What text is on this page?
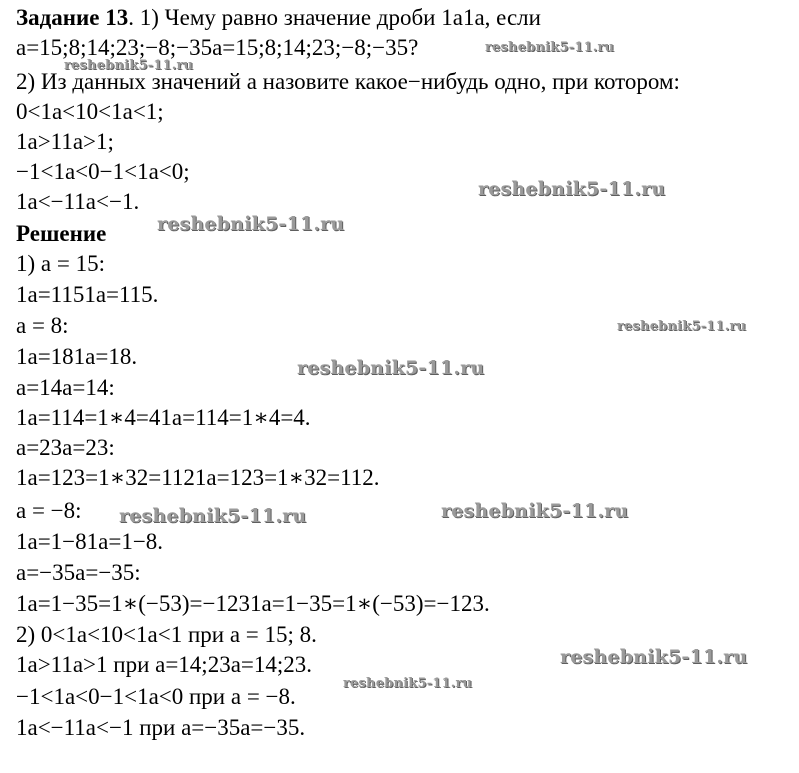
Задание 13. 1) Чему равно значение дроби 1a1a, если
a=15;8;14;23;−8;−35a=15;8;14;23;−8;−35?
2) Из данных значений a назовите какое−нибудь одно, при котором:
0<1a<10<1a<1;
1a>11a>1;
−1<1a<0−1<1a<0;
1a<−11a<−1.
Решение
1) a = 15:
1a=1151a=115.
a = 8:
1a=181a=18.
a=14a=14:
1a=114=1∗4=41a=114=1∗4=4.
a=23a=23:
1a=123=1∗32=1121a=123=1∗32=112.
a = −8:
1a=1−81a=1−8.
a=−35a=−35:
1a=1−35=1∗(−53)=−1231a=1−35=1∗(−53)=−123.
2) 0<1a<10<1a<1 при a = 15; 8.
1a>11a>1 при a=14;23a=14;23.
−1<1a<0−1<1a<0 при a = −8.
1a<−11a<−1 при a=−35a=−35.
reshebnik5-11.ru
reshebnik5-11.ru
reshebnik5-11.ru
reshebnik5-11.ru
reshebnik5-11.ru
reshebnik5-11.ru
reshebnik5-11.ru	reshebnik5-11.ru
reshebnik5-11.ru
reshebnik5-11.ru
